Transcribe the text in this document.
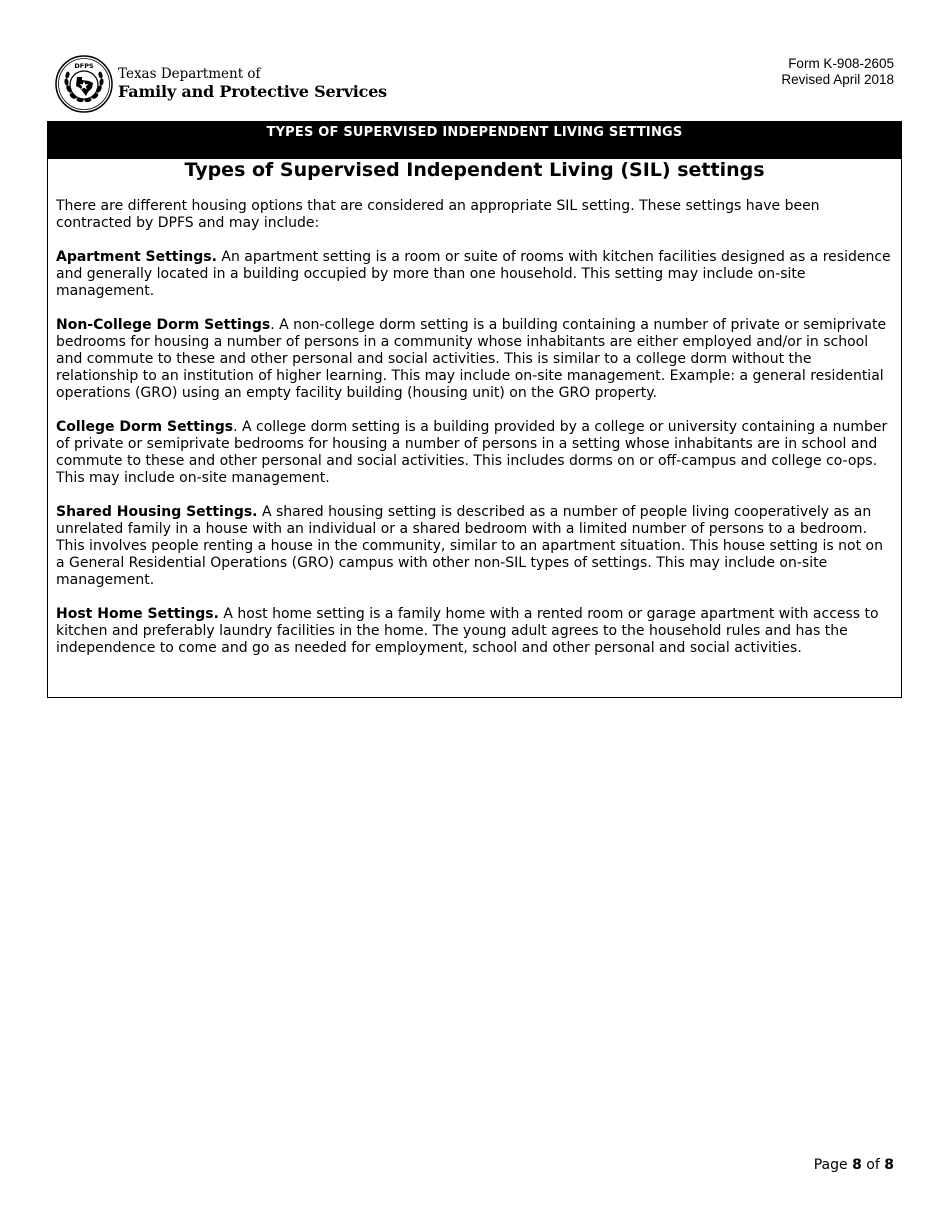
DFPS Texas Department of
Family and Protective Services
Form K-908-2605
Revised April 2018
TYPES OF SUPERVISED INDEPENDENT LIVING SETTINGS
Types of Supervised Independent Living (SIL) settings

There are different housing options that are considered an appropriate SIL setting. These settings have been contracted by DPFS and may include:

Apartment Settings. An apartment setting is a room or suite of rooms with kitchen facilities designed as a residence and generally located in a building occupied by more than one household. This setting may include on-site management.

Non-College Dorm Settings. A non-college dorm setting is a building containing a number of private or semiprivate bedrooms for housing a number of persons in a community whose inhabitants are either employed and/or in school and commute to these and other personal and social activities. This is similar to a college dorm without the relationship to an institution of higher learning. This may include on-site management. Example: a general residential operations (GRO) using an empty facility building (housing unit) on the GRO property.

College Dorm Settings. A college dorm setting is a building provided by a college or university containing a number of private or semiprivate bedrooms for housing a number of persons in a setting whose inhabitants are in school and commute to these and other personal and social activities. This includes dorms on or off-campus and college co-ops. This may include on-site management.

Shared Housing Settings. A shared housing setting is described as a number of people living cooperatively as an unrelated family in a house with an individual or a shared bedroom with a limited number of persons to a bedroom. This involves people renting a house in the community, similar to an apartment situation. This house setting is not on a General Residential Operations (GRO) campus with other non-SIL types of settings. This may include on-site management.

Host Home Settings. A host home setting is a family home with a rented room or garage apartment with access to kitchen and preferably laundry facilities in the home. The young adult agrees to the household rules and has the independence to come and go as needed for employment, school and other personal and social activities.

Page 8 of 8
